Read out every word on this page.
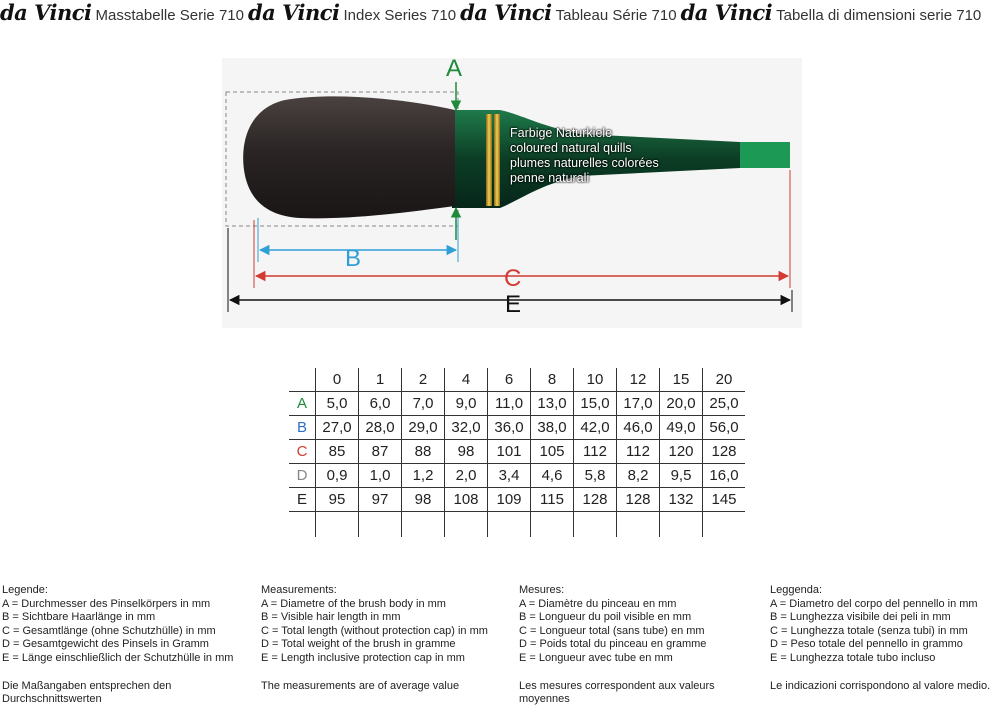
da Vinci Masstabelle Serie 710 da Vinci Index Series 710 da Vinci Tableau Série 710 da Vinci Tabella di dimensioni serie 710
A
B
C
E
Farbige Naturkiele
coloured natural quills
plumes naturelles colorées
penne naturali
	0	1	2	4	6	8	10	12	15	20
A	5,0	6,0	7,0	9,0	11,0	13,0	15,0	17,0	20,0	25,0
B	27,0	28,0	29,0	32,0	36,0	38,0	42,0	46,0	49,0	56,0
C	85	87	88	98	101	105	112	112	120	128
D	0,9	1,0	1,2	2,0	3,4	4,6	5,8	8,2	9,5	16,0
E	95	97	98	108	109	115	128	128	132	145

Legende:
A = Durchmesser des Pinselkörpers in mm
B = Sichtbare Haarlänge in mm
C = Gesamtlänge (ohne Schutzhülle) in mm
D = Gesamtgewicht des Pinsels in Gramm
E = Länge einschließlich der Schutzhülle in mm
Die Maßangaben entsprechen den
Durchschnittswerten
Measurements:
A = Diametre of the brush body in mm
B = Visible hair length in mm
C = Total length (without protection cap) in mm
D = Total weight of the brush in gramme
E = Length inclusive protection cap in mm
The measurements are of average value
Mesures:
A = Diamètre du pinceau en mm
B = Longueur du poil visible en mm
C = Longueur total (sans tube) en mm
D = Poids total du pinceau en gramme
E = Longueur avec tube en mm
Les mesures correspondent aux valeurs
moyennes
Leggenda:
A = Diametro del corpo del pennello in mm
B = Lunghezza visibile dei peli in mm
C = Lunghezza totale (senza tubi) in mm
D = Peso totale del pennello in grammo
E = Lunghezza totale tubo incluso
Le indicazioni corrispondono al valore medio.
